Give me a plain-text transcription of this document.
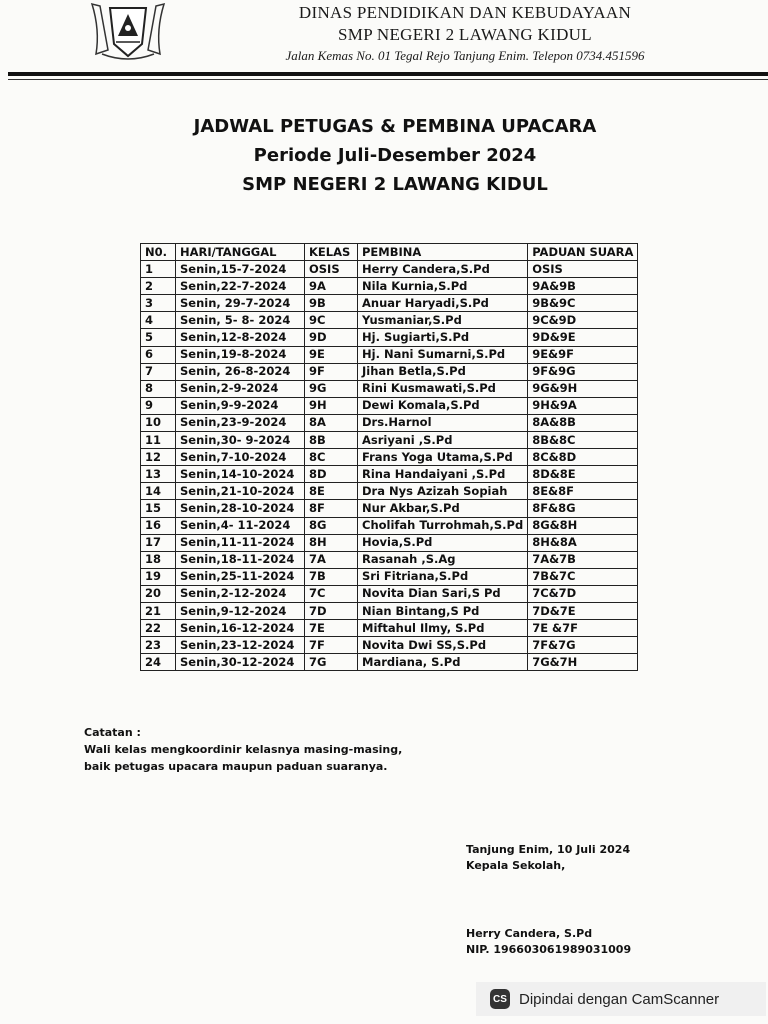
DINAS PENDIDIKAN DAN KEBUDAYAAN
SMP NEGERI 2 LAWANG KIDUL
Jalan Kemas No. 01 Tegal Rejo Tanjung Enim. Telepon 0734.451596
JADWAL PETUGAS & PEMBINA UPACARA
Periode Juli-Desember 2024
SMP NEGERI 2 LAWANG KIDUL
N0.	HARI/TANGGAL	KELAS	PEMBINA	PADUAN SUARA
1	Senin,15-7-2024	OSIS	Herry Candera,S.Pd	OSIS
2	Senin,22-7-2024	9A	Nila Kurnia,S.Pd	9A&9B
3	Senin, 29-7-2024	9B	Anuar Haryadi,S.Pd	9B&9C
4	Senin, 5- 8- 2024	9C	Yusmaniar,S.Pd	9C&9D
5	Senin,12-8-2024	9D	Hj. Sugiarti,S.Pd	9D&9E
6	Senin,19-8-2024	9E	Hj. Nani Sumarni,S.Pd	9E&9F
7	Senin, 26-8-2024	9F	Jihan Betla,S.Pd	9F&9G
8	Senin,2-9-2024	9G	Rini Kusmawati,S.Pd	9G&9H
9	Senin,9-9-2024	9H	Dewi Komala,S.Pd	9H&9A
10	Senin,23-9-2024	8A	Drs.Harnol	8A&8B
11	Senin,30- 9-2024	8B	Asriyani ,S.Pd	8B&8C
12	Senin,7-10-2024	8C	Frans Yoga Utama,S.Pd	8C&8D
13	Senin,14-10-2024	8D	Rina Handaiyani ,S.Pd	8D&8E
14	Senin,21-10-2024	8E	Dra Nys Azizah Sopiah	8E&8F
15	Senin,28-10-2024	8F	Nur Akbar,S.Pd	8F&8G
16	Senin,4- 11-2024	8G	Cholifah Turrohmah,S.Pd	8G&8H
17	Senin,11-11-2024	8H	Hovia,S.Pd	8H&8A
18	Senin,18-11-2024	7A	Rasanah ,S.Ag	7A&7B
19	Senin,25-11-2024	7B	Sri Fitriana,S.Pd	7B&7C
20	Senin,2-12-2024	7C	Novita Dian Sari,S Pd	7C&7D
21	Senin,9-12-2024	7D	Nian Bintang,S Pd	7D&7E
22	Senin,16-12-2024	7E	Miftahul Ilmy, S.Pd	7E &7F
23	Senin,23-12-2024	7F	Novita Dwi SS,S.Pd	7F&7G
24	Senin,30-12-2024	7G	Mardiana, S.Pd	7G&7H
Catatan :
Wali kelas mengkoordinir kelasnya masing-masing,
baik petugas upacara maupun paduan suaranya.
Tanjung Enim, 10 Juli 2024
Kepala Sekolah,
Herry Candera, S.Pd
NIP. 196603061989031009
CS Dipindai dengan CamScanner
